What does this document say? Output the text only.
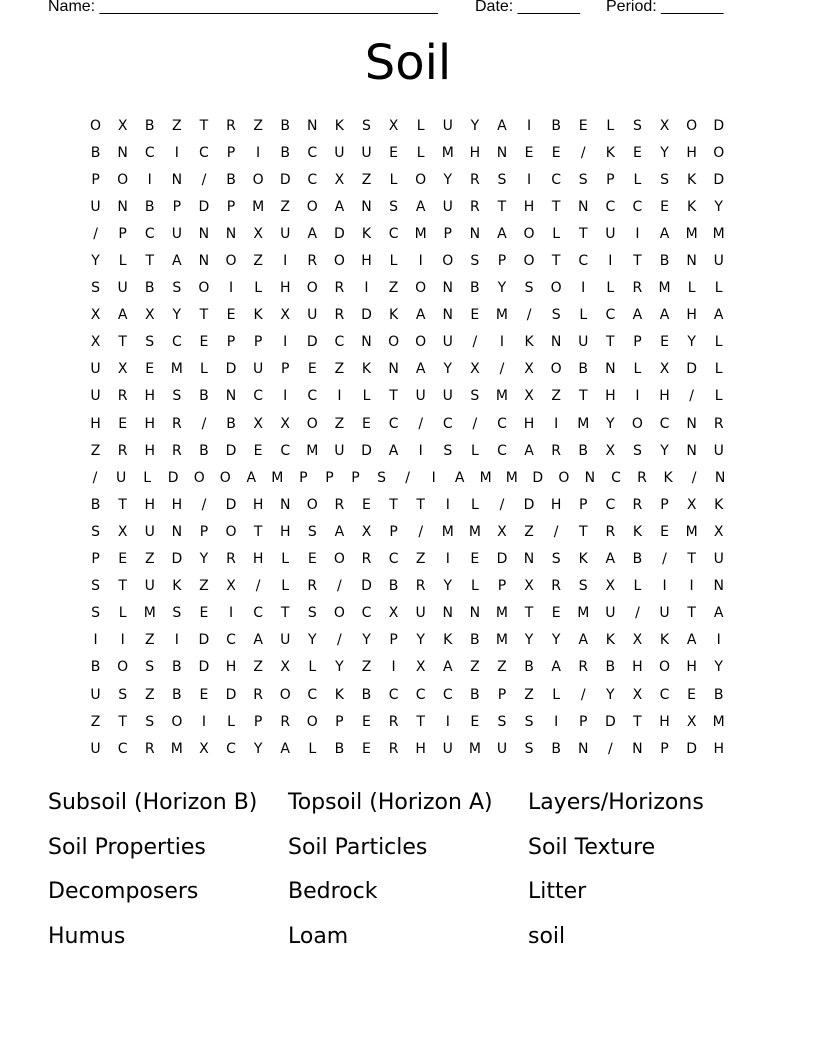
Name: ______________________________________ Date: _______ Period: _______
Soil
O	X	B	Z	T	R	Z	B	N	K	S	X	L	U	Y	A	I	B	E	L	S	X	O	D
B	N	C	I	C	P	I	B	C	U	U	E	L	M	H	N	E	E	/	K	E	Y	H	O
P	O	I	N	/	B	O	D	C	X	Z	L	O	Y	R	S	I	C	S	P	L	S	K	D
U	N	B	P	D	P	M	Z	O	A	N	S	A	U	R	T	H	T	N	C	C	E	K	Y
/	P	C	U	N	N	X	U	A	D	K	C	M	P	N	A	O	L	T	U	I	A	M	M
Y	L	T	A	N	O	Z	I	R	O	H	L	I	O	S	P	O	T	C	I	T	B	N	U
S	U	B	S	O	I	L	H	O	R	I	Z	O	N	B	Y	S	O	I	L	R	M	L	L
X	A	X	Y	T	E	K	X	U	R	D	K	A	N	E	M	/	S	L	C	A	A	H	A
X	T	S	C	E	P	P	I	D	C	N	O	O	U	/	I	K	N	U	T	P	E	Y	L
U	X	E	M	L	D	U	P	E	Z	K	N	A	Y	X	/	X	O	B	N	L	X	D	L
U	R	H	S	B	N	C	I	C	I	L	T	U	U	S	M	X	Z	T	H	I	H	/	L
H	E	H	R	/	B	X	X	O	Z	E	C	/	C	/	C	H	I	M	Y	O	C	N	R
Z	R	H	R	B	D	E	C	M	U	D	A	I	S	L	C	A	R	B	X	S	Y	N	U
/	U	L	D	O	O	A	M	P	P	P	S	/	I	A	M M	D	O	N	C	R	K	/	N
B	T	H	H	/	D	H	N	O	R	E	T	T	I	L	/	D	H	P	C	R	P	X	K
S	X	U	N	P	O	T	H	S	A	X	P	/	M	M	X	Z	/	T	R	K	E	M	X
P	E	Z	D	Y	R	H	L	E	O	R	C	Z	I	E	D	N	S	K	A	B	/	T	U
S	T	U	K	Z	X	/	L	R	/	D	B	R	Y	L	P	X	R	S	X	L	I	I	N
S	L	M	S	E	I	C	T	S	O	C	X	U	N	N	M	T	E	M	U	/	U	T	A
I	I	Z	I	D	C	A	U	Y	/	Y	P	Y	K	B	M	Y	Y	A	K	X	K	A	I
B	O	S	B	D	H	Z	X	L	Y	Z	I	X	A	Z	Z	B	A	R	B	H	O	H	Y
U	S	Z	B	E	D	R	O	C	K	B	C	C	C	B	P	Z	L	/	Y	X	C	E	B
Z	T	S	O	I	L	P	R	O	P	E	R	T	I	E	S	S	I	P	D	T	H	X	M
U	C	R	M	X	C	Y	A	L	B	E	R	H	U	M	U	S	B	N	/	N	P	D	H
Subsoil (Horizon B)	Topsoil (Horizon A)	Layers/Horizons
Soil Properties	Soil Particles	Soil Texture
Decomposers	Bedrock	Litter
Humus	Loam	soil
